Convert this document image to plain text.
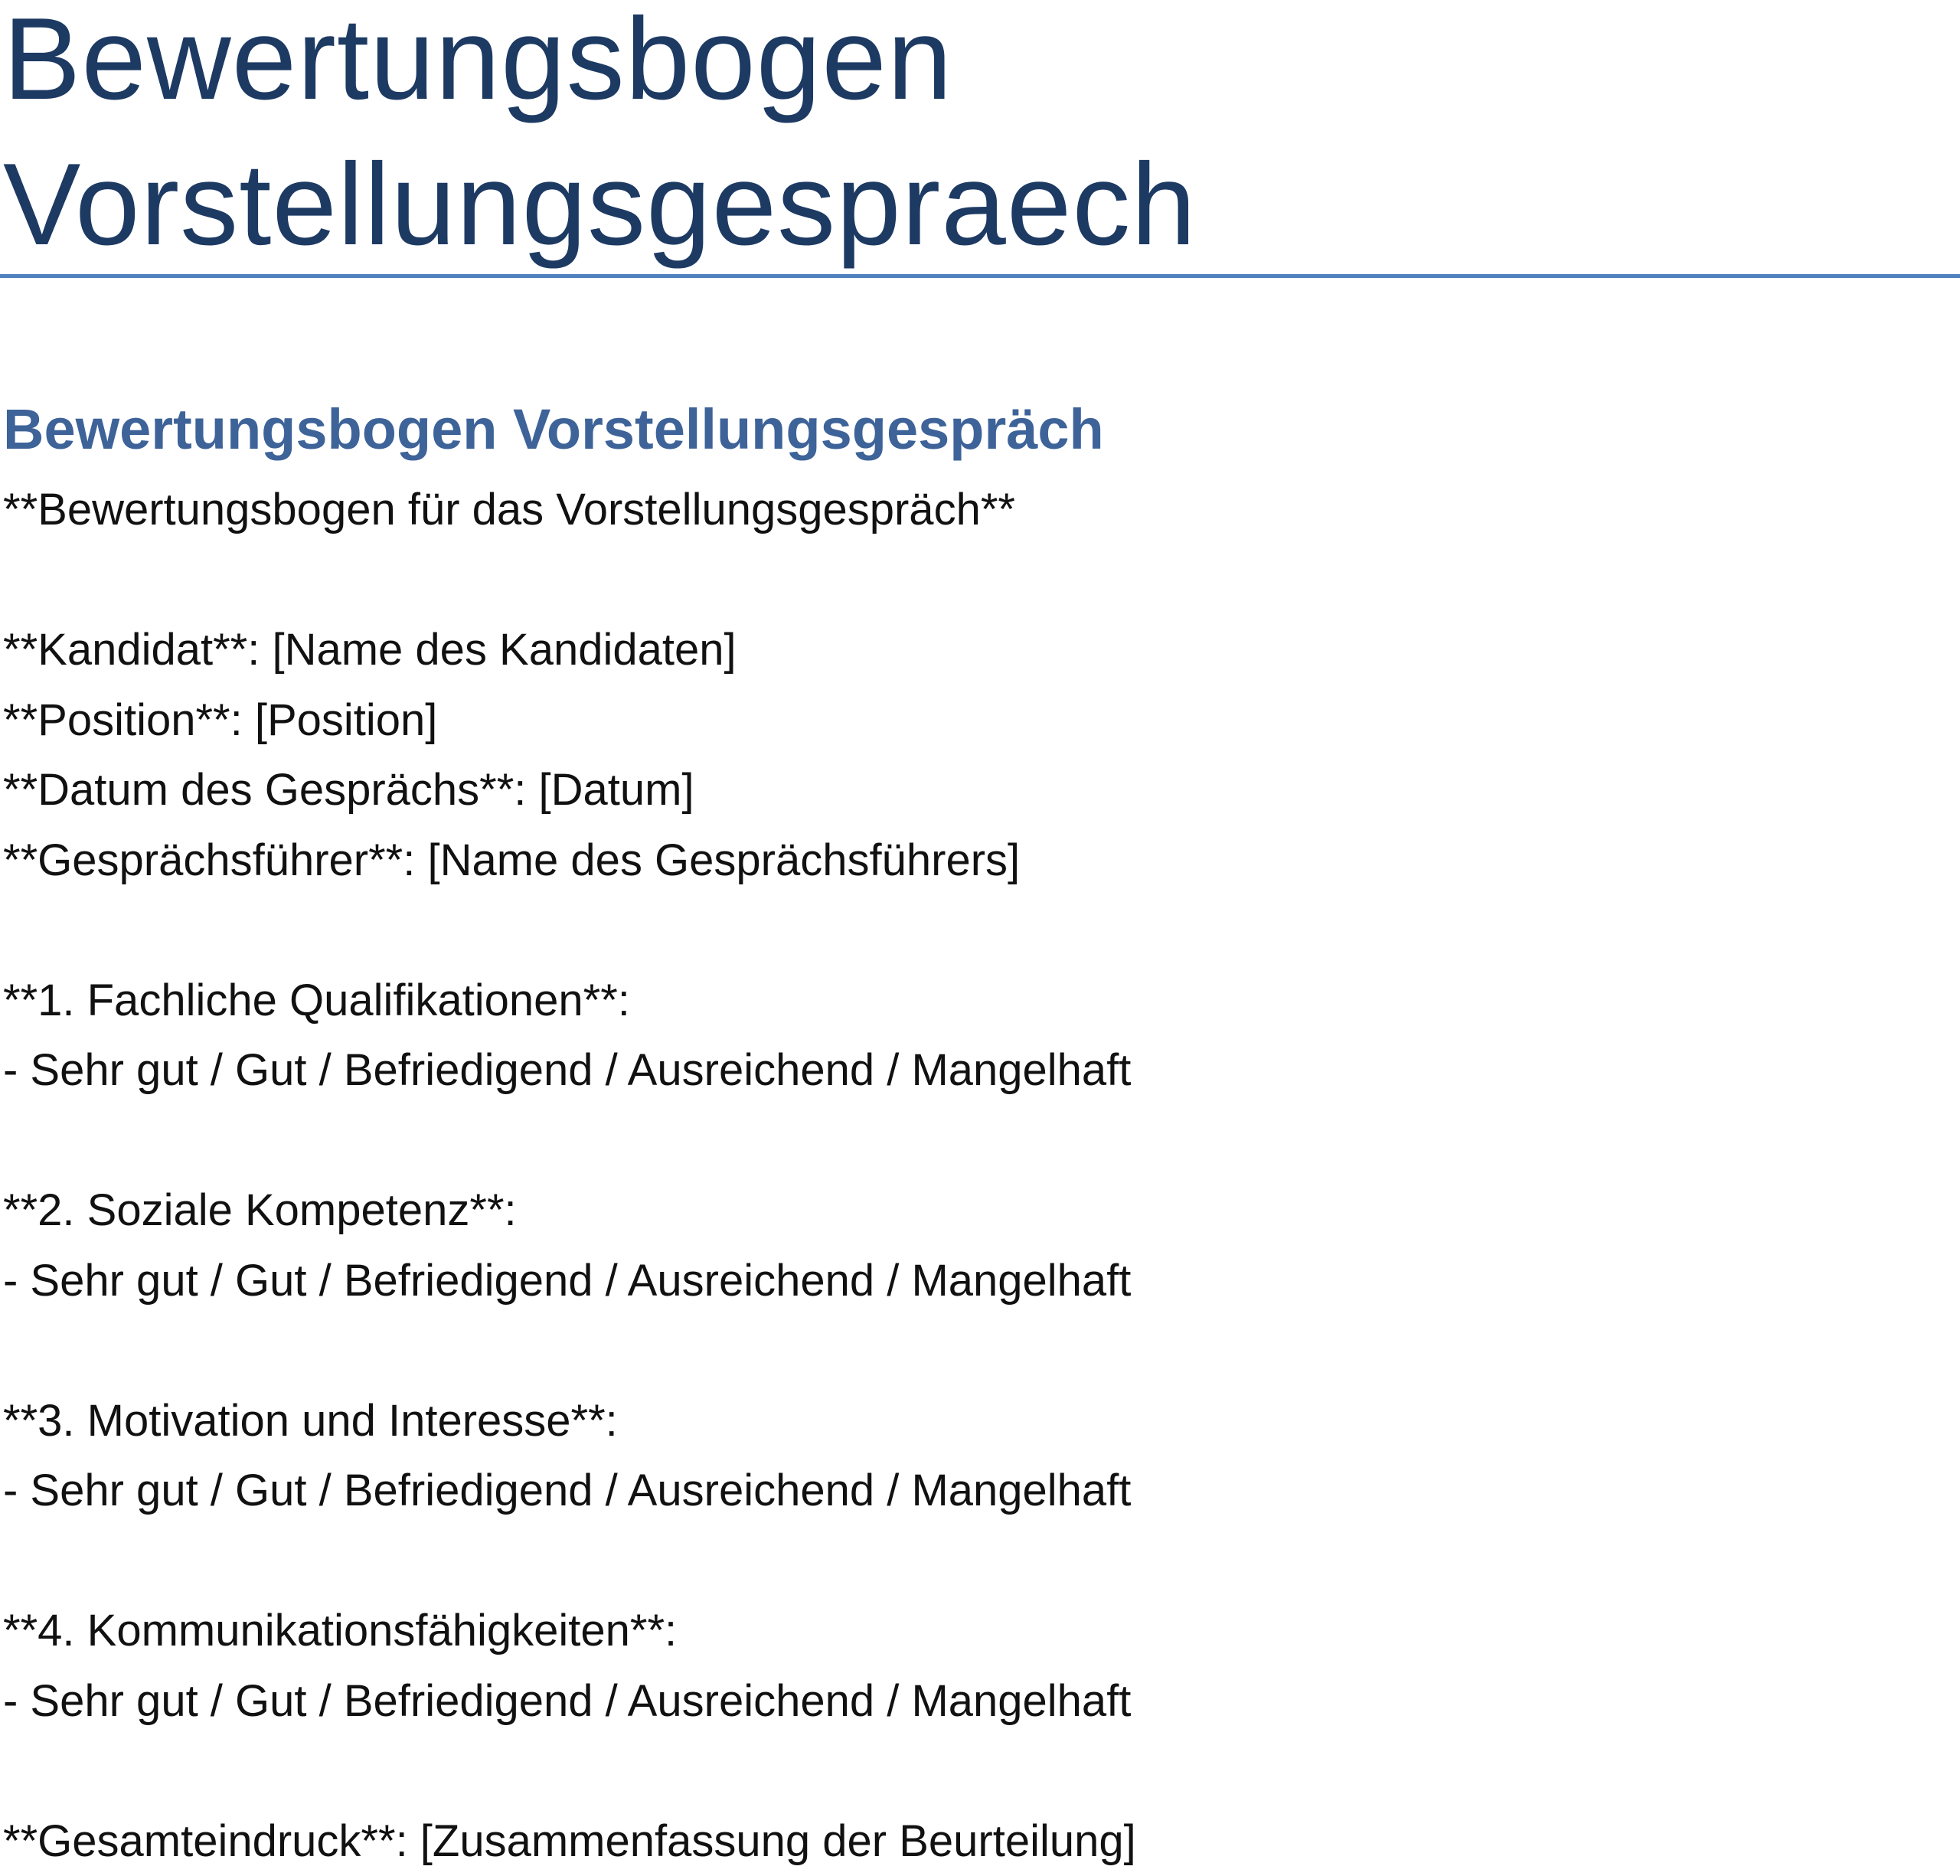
Bewertungsbogen
Vorstellungsgespraech
Bewertungsbogen Vorstellungsgespräch
**Bewertungsbogen für das Vorstellungsgespräch**
**Kandidat**: [Name des Kandidaten]
**Position**: [Position]
**Datum des Gesprächs**: [Datum]
**Gesprächsführer**: [Name des Gesprächsführers]
**1. Fachliche Qualifikationen**:
- Sehr gut / Gut / Befriedigend / Ausreichend / Mangelhaft
**2. Soziale Kompetenz**:
- Sehr gut / Gut / Befriedigend / Ausreichend / Mangelhaft
**3. Motivation und Interesse**:
- Sehr gut / Gut / Befriedigend / Ausreichend / Mangelhaft
**4. Kommunikationsfähigkeiten**:
- Sehr gut / Gut / Befriedigend / Ausreichend / Mangelhaft
**Gesamteindruck**: [Zusammenfassung der Beurteilung]
